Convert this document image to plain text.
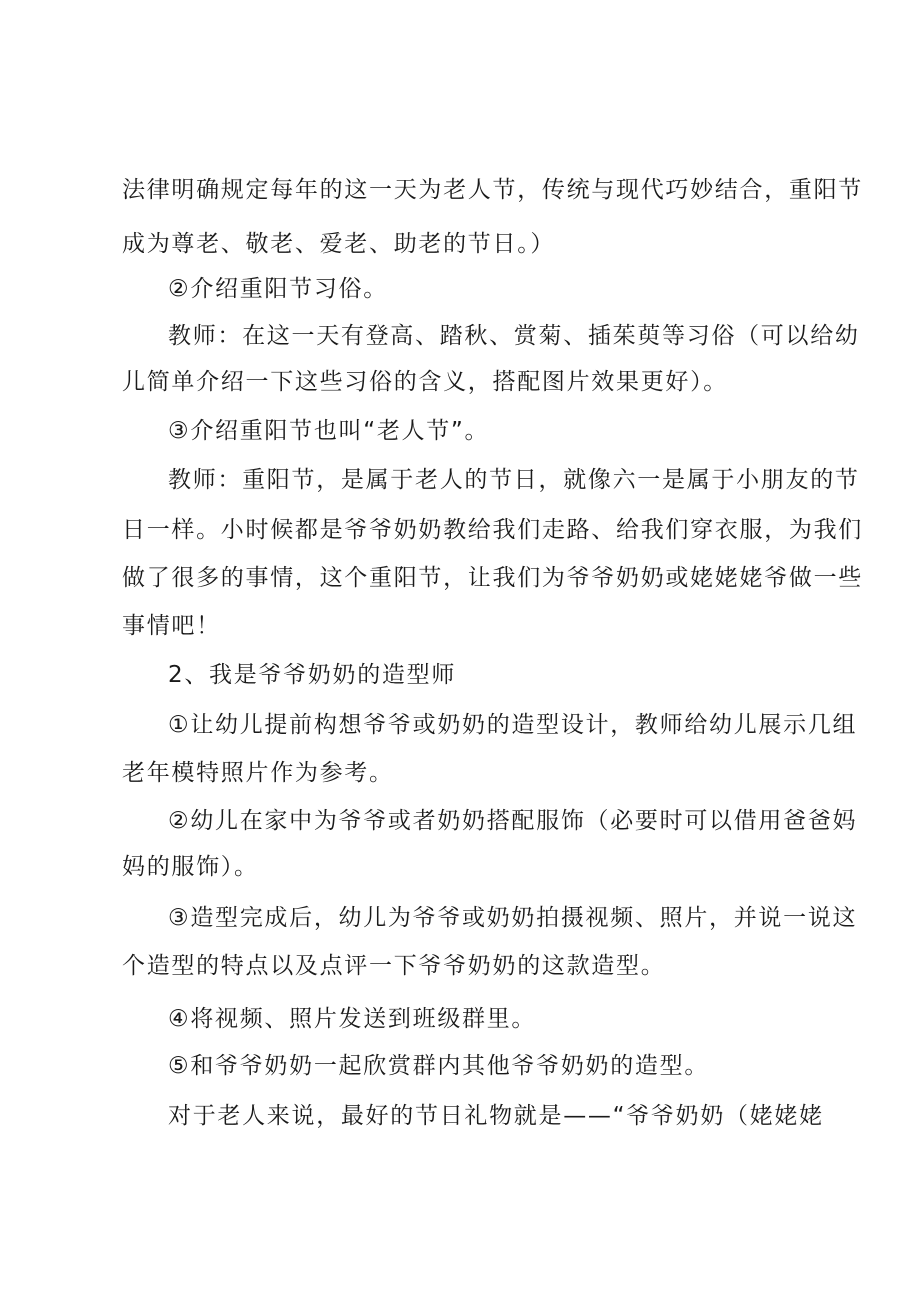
法律明确规定每年的这一天为老人节，传统与现代巧妙结合，重阳节
成为尊老、敬老、爱老、助老的节日。）
②介绍重阳节习俗。
教师：在这一天有登高、踏秋、赏菊、插茱萸等习俗（可以给幼
儿简单介绍一下这些习俗的含义，搭配图片效果更好）。
③介绍重阳节也叫“老人节”。
教师：重阳节，是属于老人的节日，就像六一是属于小朋友的节
日一样。小时候都是爷爷奶奶教给我们走路、给我们穿衣服，为我们
做了很多的事情，这个重阳节，让我们为爷爷奶奶或姥姥姥爷做一些
事情吧！
2、我是爷爷奶奶的造型师
①让幼儿提前构想爷爷或奶奶的造型设计，教师给幼儿展示几组
老年模特照片作为参考。
②幼儿在家中为爷爷或者奶奶搭配服饰（必要时可以借用爸爸妈
妈的服饰）。
③造型完成后，幼儿为爷爷或奶奶拍摄视频、照片，并说一说这
个造型的特点以及点评一下爷爷奶奶的这款造型。
④将视频、照片发送到班级群里。
⑤和爷爷奶奶一起欣赏群内其他爷爷奶奶的造型。
对于老人来说，最好的节日礼物就是——“爷爷奶奶（姥姥姥
